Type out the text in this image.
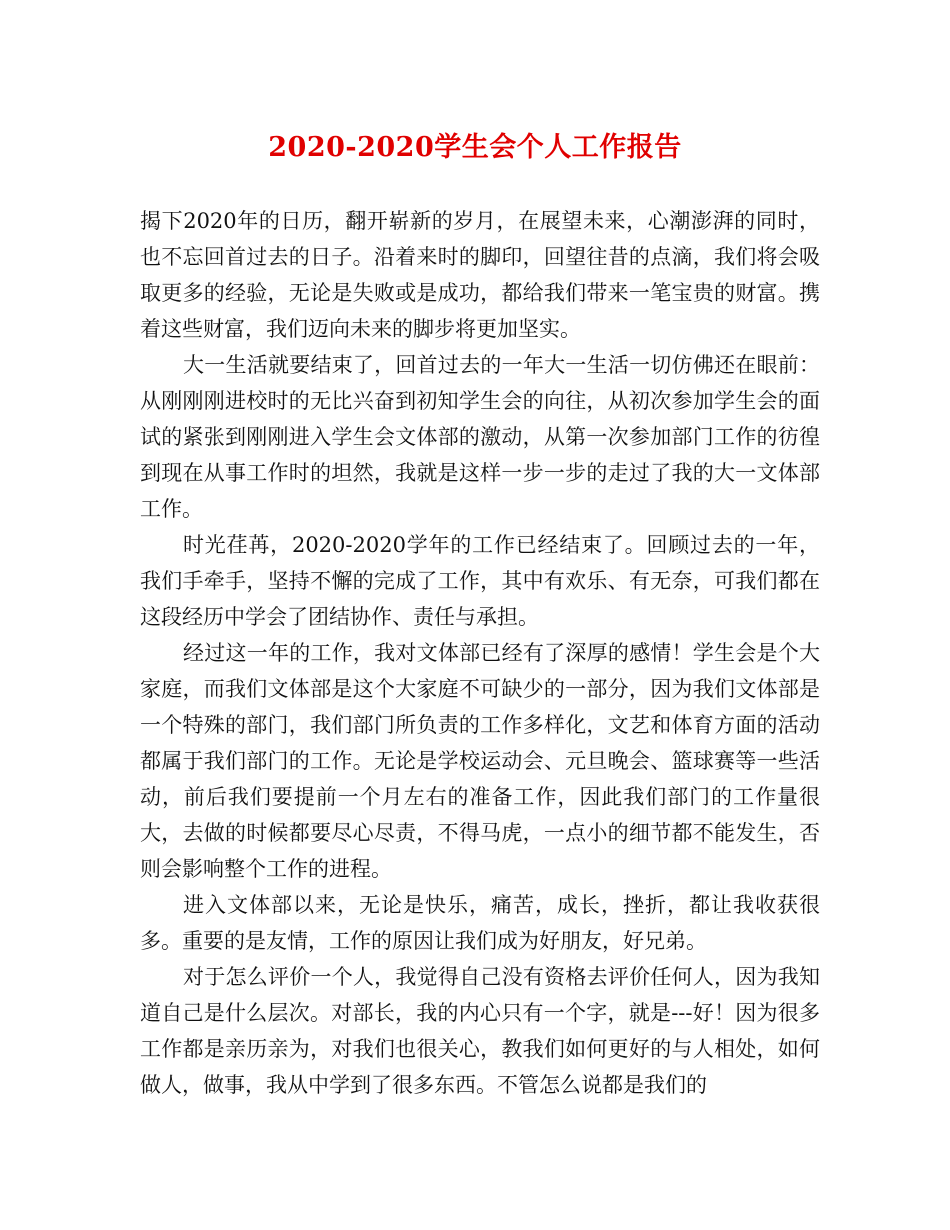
2020-2020学生会个人工作报告

揭下2020年的日历，翻开崭新的岁月，在展望未来，心潮澎湃的同时，也不忘回首过去的日子。沿着来时的脚印，回望往昔的点滴，我们将会吸取更多的经验，无论是失败或是成功，都给我们带来一笔宝贵的财富。携着这些财富，我们迈向未来的脚步将更加坚实。

大一生活就要结束了，回首过去的一年大一生活一切仿佛还在眼前：从刚刚刚进校时的无比兴奋到初知学生会的向往，从初次参加学生会的面试的紧张到刚刚进入学生会文体部的激动，从第一次参加部门工作的彷徨到现在从事工作时的坦然，我就是这样一步一步的走过了我的大一文体部工作。

时光荏苒，2020-2020学年的工作已经结束了。回顾过去的一年，我们手牵手，坚持不懈的完成了工作，其中有欢乐、有无奈，可我们都在这段经历中学会了团结协作、责任与承担。

经过这一年的工作，我对文体部已经有了深厚的感情！学生会是个大家庭，而我们文体部是这个大家庭不可缺少的一部分，因为我们文体部是一个特殊的部门，我们部门所负责的工作多样化，文艺和体育方面的活动都属于我们部门的工作。无论是学校运动会、元旦晚会、篮球赛等一些活动，前后我们要提前一个月左右的准备工作，因此我们部门的工作量很大，去做的时候都要尽心尽责，不得马虎，一点小的细节都不能发生，否则会影响整个工作的进程。

进入文体部以来，无论是快乐，痛苦，成长，挫折，都让我收获很多。重要的是友情，工作的原因让我们成为好朋友，好兄弟。

对于怎么评价一个人，我觉得自己没有资格去评价任何人，因为我知道自己是什么层次。对部长，我的内心只有一个字，就是---好！因为很多工作都是亲历亲为，对我们也很关心，教我们如何更好的与人相处，如何做人，做事，我从中学到了很多东西。不管怎么说都是我们的
